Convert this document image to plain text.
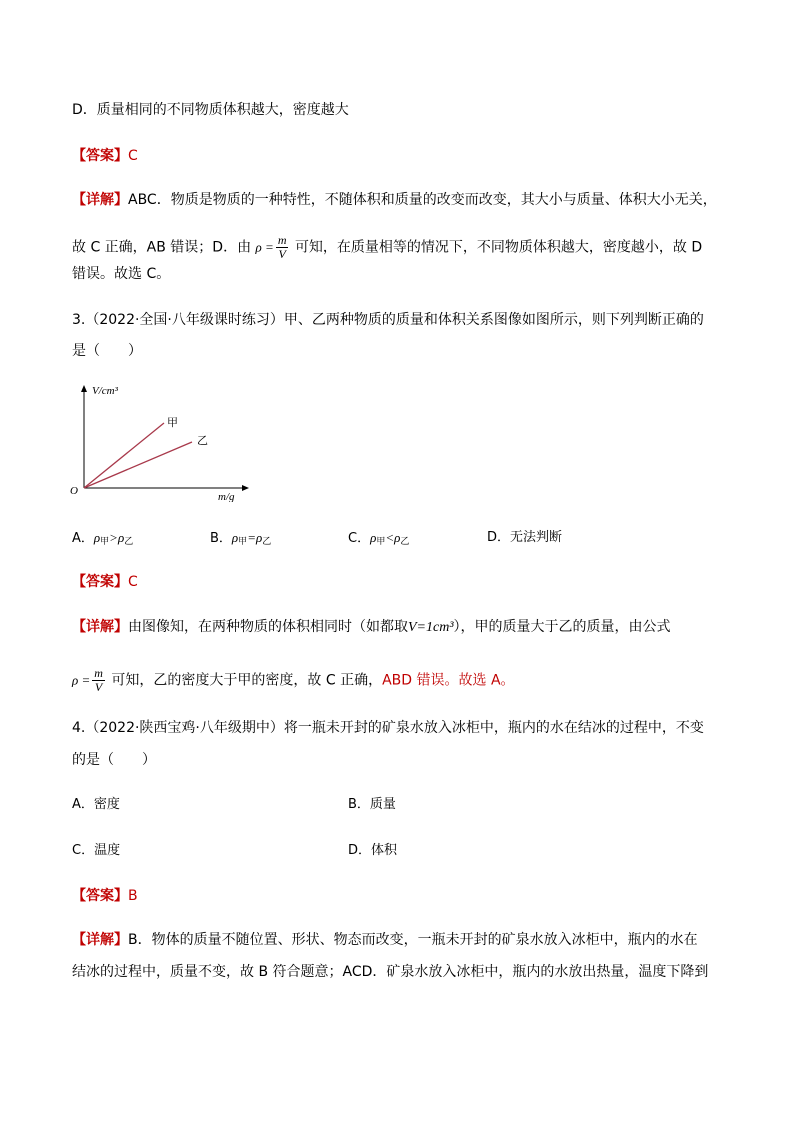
D．质量相同的不同物质体积越大，密度越大
【答案】C
【详解】ABC．物质是物质的一种特性，不随体积和质量的改变而改变，其大小与质量、体积大小无关，
故 C 正确，AB 错误；D．由 $\rho = \frac{m}{V}$ 可知，在质量相等的情况下，不同物质体积越大，密度越小，故 D
错误。故选 C。
3.（2022·全国·八年级课时练习）甲、乙两种物质的质量和体积关系图像如图所示，则下列判断正确的
是（　　）
V/cm³
m/g
O
甲
乙
A．$\rho_甲>\rho_乙$	B．$\rho_甲=\rho_乙$	C．$\rho_甲<\rho_乙$	D．无法判断
【答案】C
【详解】由图像知，在两种物质的体积相同时（如都取V=1cm³），甲的质量大于乙的质量，由公式
$\rho = \frac{m}{V}$ 可知，乙的密度大于甲的密度，故 C 正确，ABD 错误。故选 A。
4.（2022·陕西宝鸡·八年级期中）将一瓶未开封的矿泉水放入冰柜中，瓶内的水在结冰的过程中，不变
的是（　　）
A．密度	B．质量
C．温度	D．体积
【答案】B
【详解】B．物体的质量不随位置、形状、物态而改变，一瓶未开封的矿泉水放入冰柜中，瓶内的水在
结冰的过程中，质量不变，故 B 符合题意；ACD．矿泉水放入冰柜中，瓶内的水放出热量，温度下降到
